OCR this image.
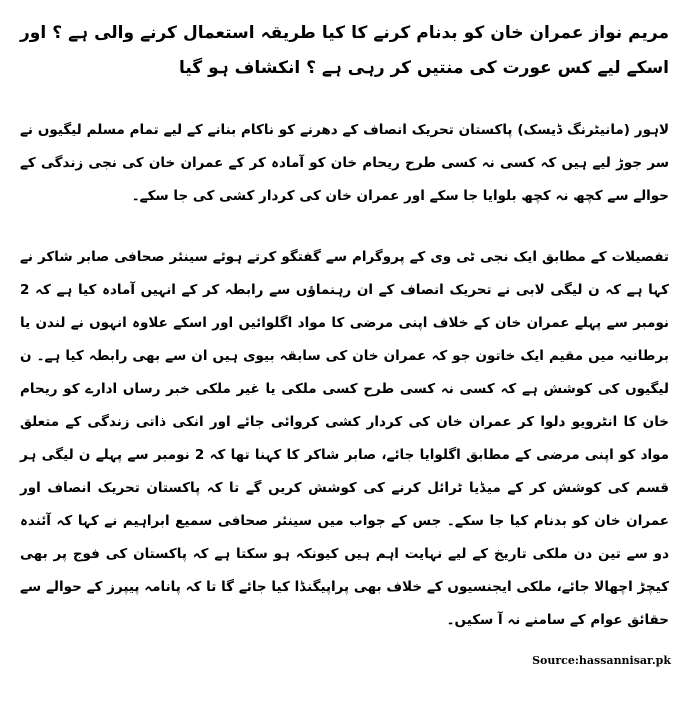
مریم نواز عمران خان کو بدنام کرنے کا کیا طریقہ استعمال کرنے والی ہے ؟ اور اسکے لیے کس عورت کی منتیں کر رہی ہے ؟ انکشاف ہو گیا

لاہور (مانیٹرنگ ڈیسک) پاکستان تحریک انصاف کے دھرنے کو ناکام بنانے کے لیے تمام مسلم لیگیوں نے سر جوڑ لیے ہیں کہ کسی نہ کسی طرح ریحام خان کو آمادہ کر کے عمران خان کی نجی زندگی کے حوالے سے کچھ نہ کچھ بلوایا جا سکے اور عمران خان کی کردار کشی کی جا سکے۔

تفصیلات کے مطابق ایک نجی ٹی وی کے پروگرام سے گفتگو کرتے ہوئے سینئر صحافی صابر شاکر نے کہا ہے کہ ن لیگی لابی نے تحریک انصاف کے ان رہنماؤں سے رابطہ کر کے انہیں آمادہ کیا ہے کہ 2 نومبر سے پہلے عمران خان کے خلاف اپنی مرضی کا مواد اگلوائیں اور اسکے علاوہ انہوں نے لندن یا برطانیہ میں مقیم ایک خاتون جو کہ عمران خان کی سابقہ بیوی ہیں ان سے بھی رابطہ کیا ہے۔ ن لیگیوں کی کوشش ہے کہ کسی نہ کسی طرح کسی ملکی یا غیر ملکی خبر رساں ادارے کو ریحام خان کا انٹرویو دلوا کر عمران خان کی کردار کشی کروائی جائے اور انکی ذاتی زندگی کے متعلق مواد کو اپنی مرضی کے مطابق اگلوایا جائے، صابر شاکر کا کہنا تھا کہ 2 نومبر سے پہلے ن لیگی ہر قسم کی کوشش کر کے میڈیا ٹرائل کرنے کی کوشش کریں گے تا کہ پاکستان تحریک انصاف اور عمران خان کو بدنام کیا جا سکے۔ جس کے جواب میں سینئر صحافی سمیع ابراہیم نے کہا کہ آئندہ دو سے تین دن ملکی تاریخ کے لیے نہایت اہم ہیں کیونکہ ہو سکتا ہے کہ پاکستان کی فوج پر بھی کیچڑ اچھالا جائے، ملکی ایجنسیوں کے خلاف بھی پراپیگنڈا کیا جائے گا تا کہ پانامہ پیپرز کے حوالے سے حقائق عوام کے سامنے نہ آ سکیں۔

Source:hassannisar.pk
